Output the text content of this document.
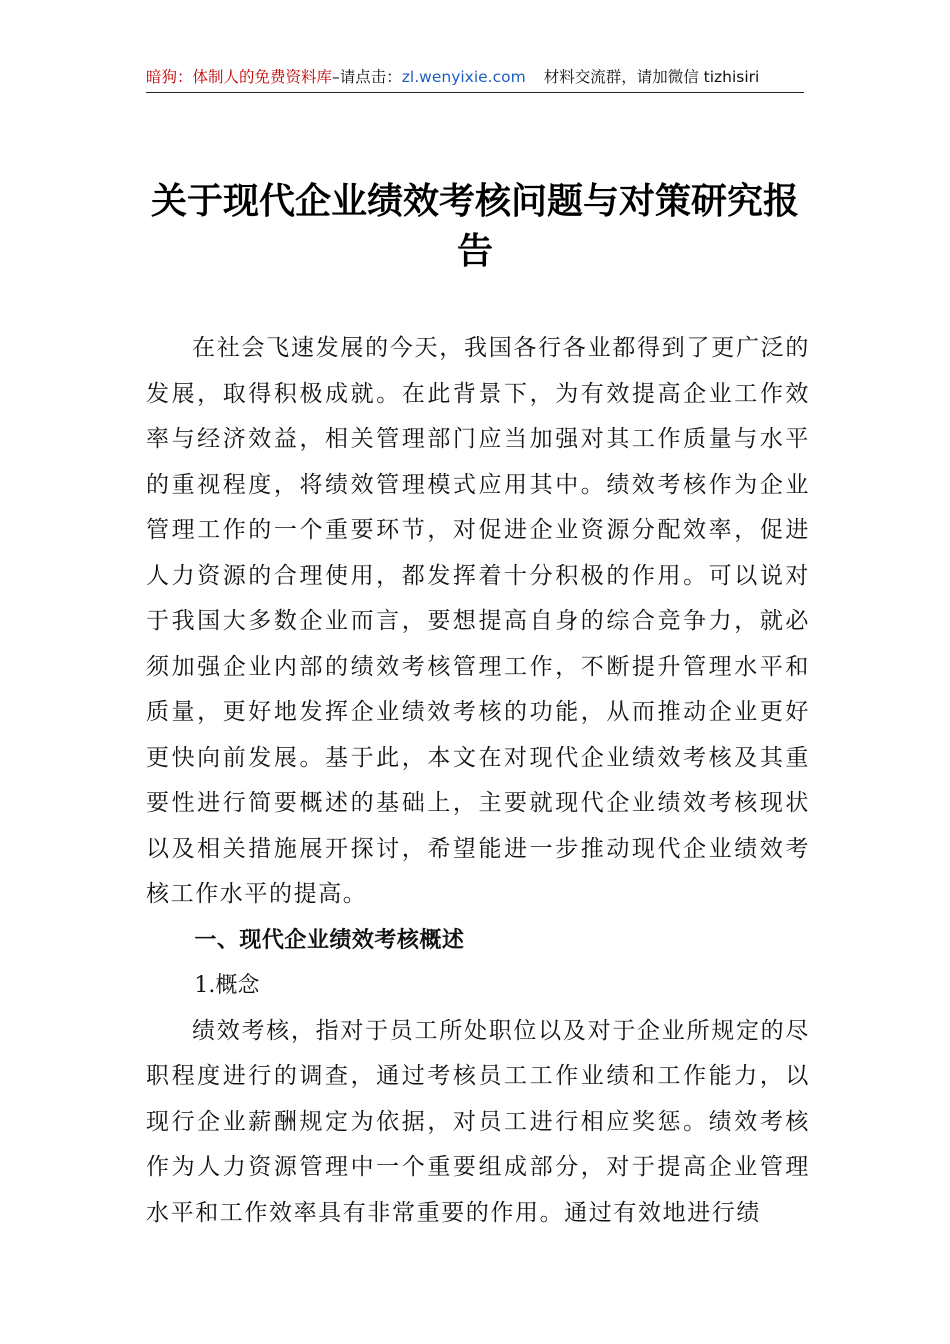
暗狗：体制人的免费资料库–请点击：zl.wenyixie.com 材料交流群，请加微信 tizhisiri
关于现代企业绩效考核问题与对策研究报告

在社会飞速发展的今天，我国各行各业都得到了更广泛的发展，取得积极成就。在此背景下，为有效提高企业工作效率与经济效益，相关管理部门应当加强对其工作质量与水平的重视程度，将绩效管理模式应用其中。绩效考核作为企业管理工作的一个重要环节，对促进企业资源分配效率，促进人力资源的合理使用，都发挥着十分积极的作用。可以说对于我国大多数企业而言，要想提高自身的综合竞争力，就必须加强企业内部的绩效考核管理工作，不断提升管理水平和质量，更好地发挥企业绩效考核的功能，从而推动企业更好更快向前发展。基于此，本文在对现代企业绩效考核及其重要性进行简要概述的基础上，主要就现代企业绩效考核现状以及相关措施展开探讨，希望能进一步推动现代企业绩效考核工作水平的提高。

一、现代企业绩效考核概述

1.概念

绩效考核，指对于员工所处职位以及对于企业所规定的尽职程度进行的调查，通过考核员工工作业绩和工作能力，以现行企业薪酬规定为依据，对员工进行相应奖惩。绩效考核作为人力资源管理中一个重要组成部分，对于提高企业管理水平和工作效率具有非常重要的作用。通过有效地进行绩
